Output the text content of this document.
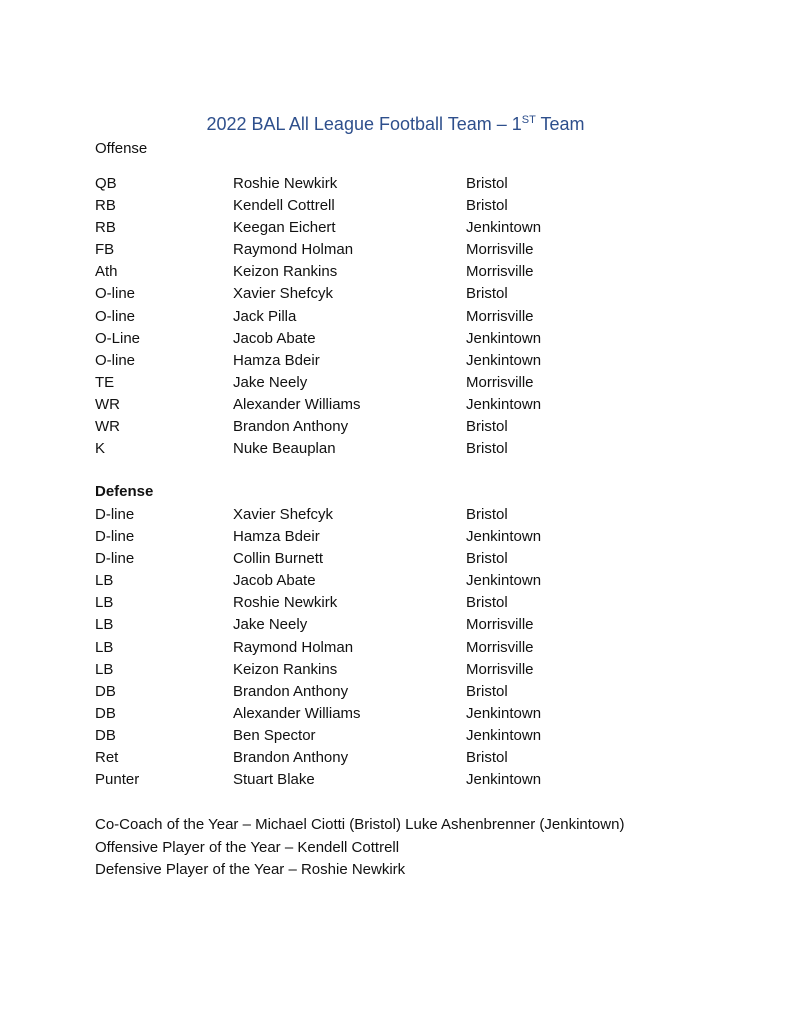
2022 BAL All League Football Team – 1ST Team
Offense
QB	Roshie Newkirk	Bristol
RB	Kendell Cottrell	Bristol
RB	Keegan Eichert	Jenkintown
FB	Raymond Holman	Morrisville
Ath	Keizon Rankins	Morrisville
O-line	Xavier Shefcyk	Bristol
O-line	Jack Pilla	Morrisville
O-Line	Jacob Abate	Jenkintown
O-line	Hamza Bdeir	Jenkintown
TE	Jake Neely	Morrisville
WR	Alexander Williams	Jenkintown
WR	Brandon Anthony	Bristol
K	Nuke Beauplan	Bristol
Defense
D-line	Xavier Shefcyk	Bristol
D-line	Hamza Bdeir	Jenkintown
D-line	Collin Burnett	Bristol
LB	Jacob Abate	Jenkintown
LB	Roshie Newkirk	Bristol
LB	Jake Neely	Morrisville
LB	Raymond Holman	Morrisville
LB	Keizon Rankins	Morrisville
DB	Brandon Anthony	Bristol
DB	Alexander Williams	Jenkintown
DB	Ben Spector	Jenkintown
Ret	Brandon Anthony	Bristol
Punter	Stuart Blake	Jenkintown
Co-Coach of the Year – Michael Ciotti (Bristol) Luke Ashenbrenner (Jenkintown)
Offensive Player of the Year – Kendell Cottrell
Defensive Player of the Year – Roshie Newkirk
